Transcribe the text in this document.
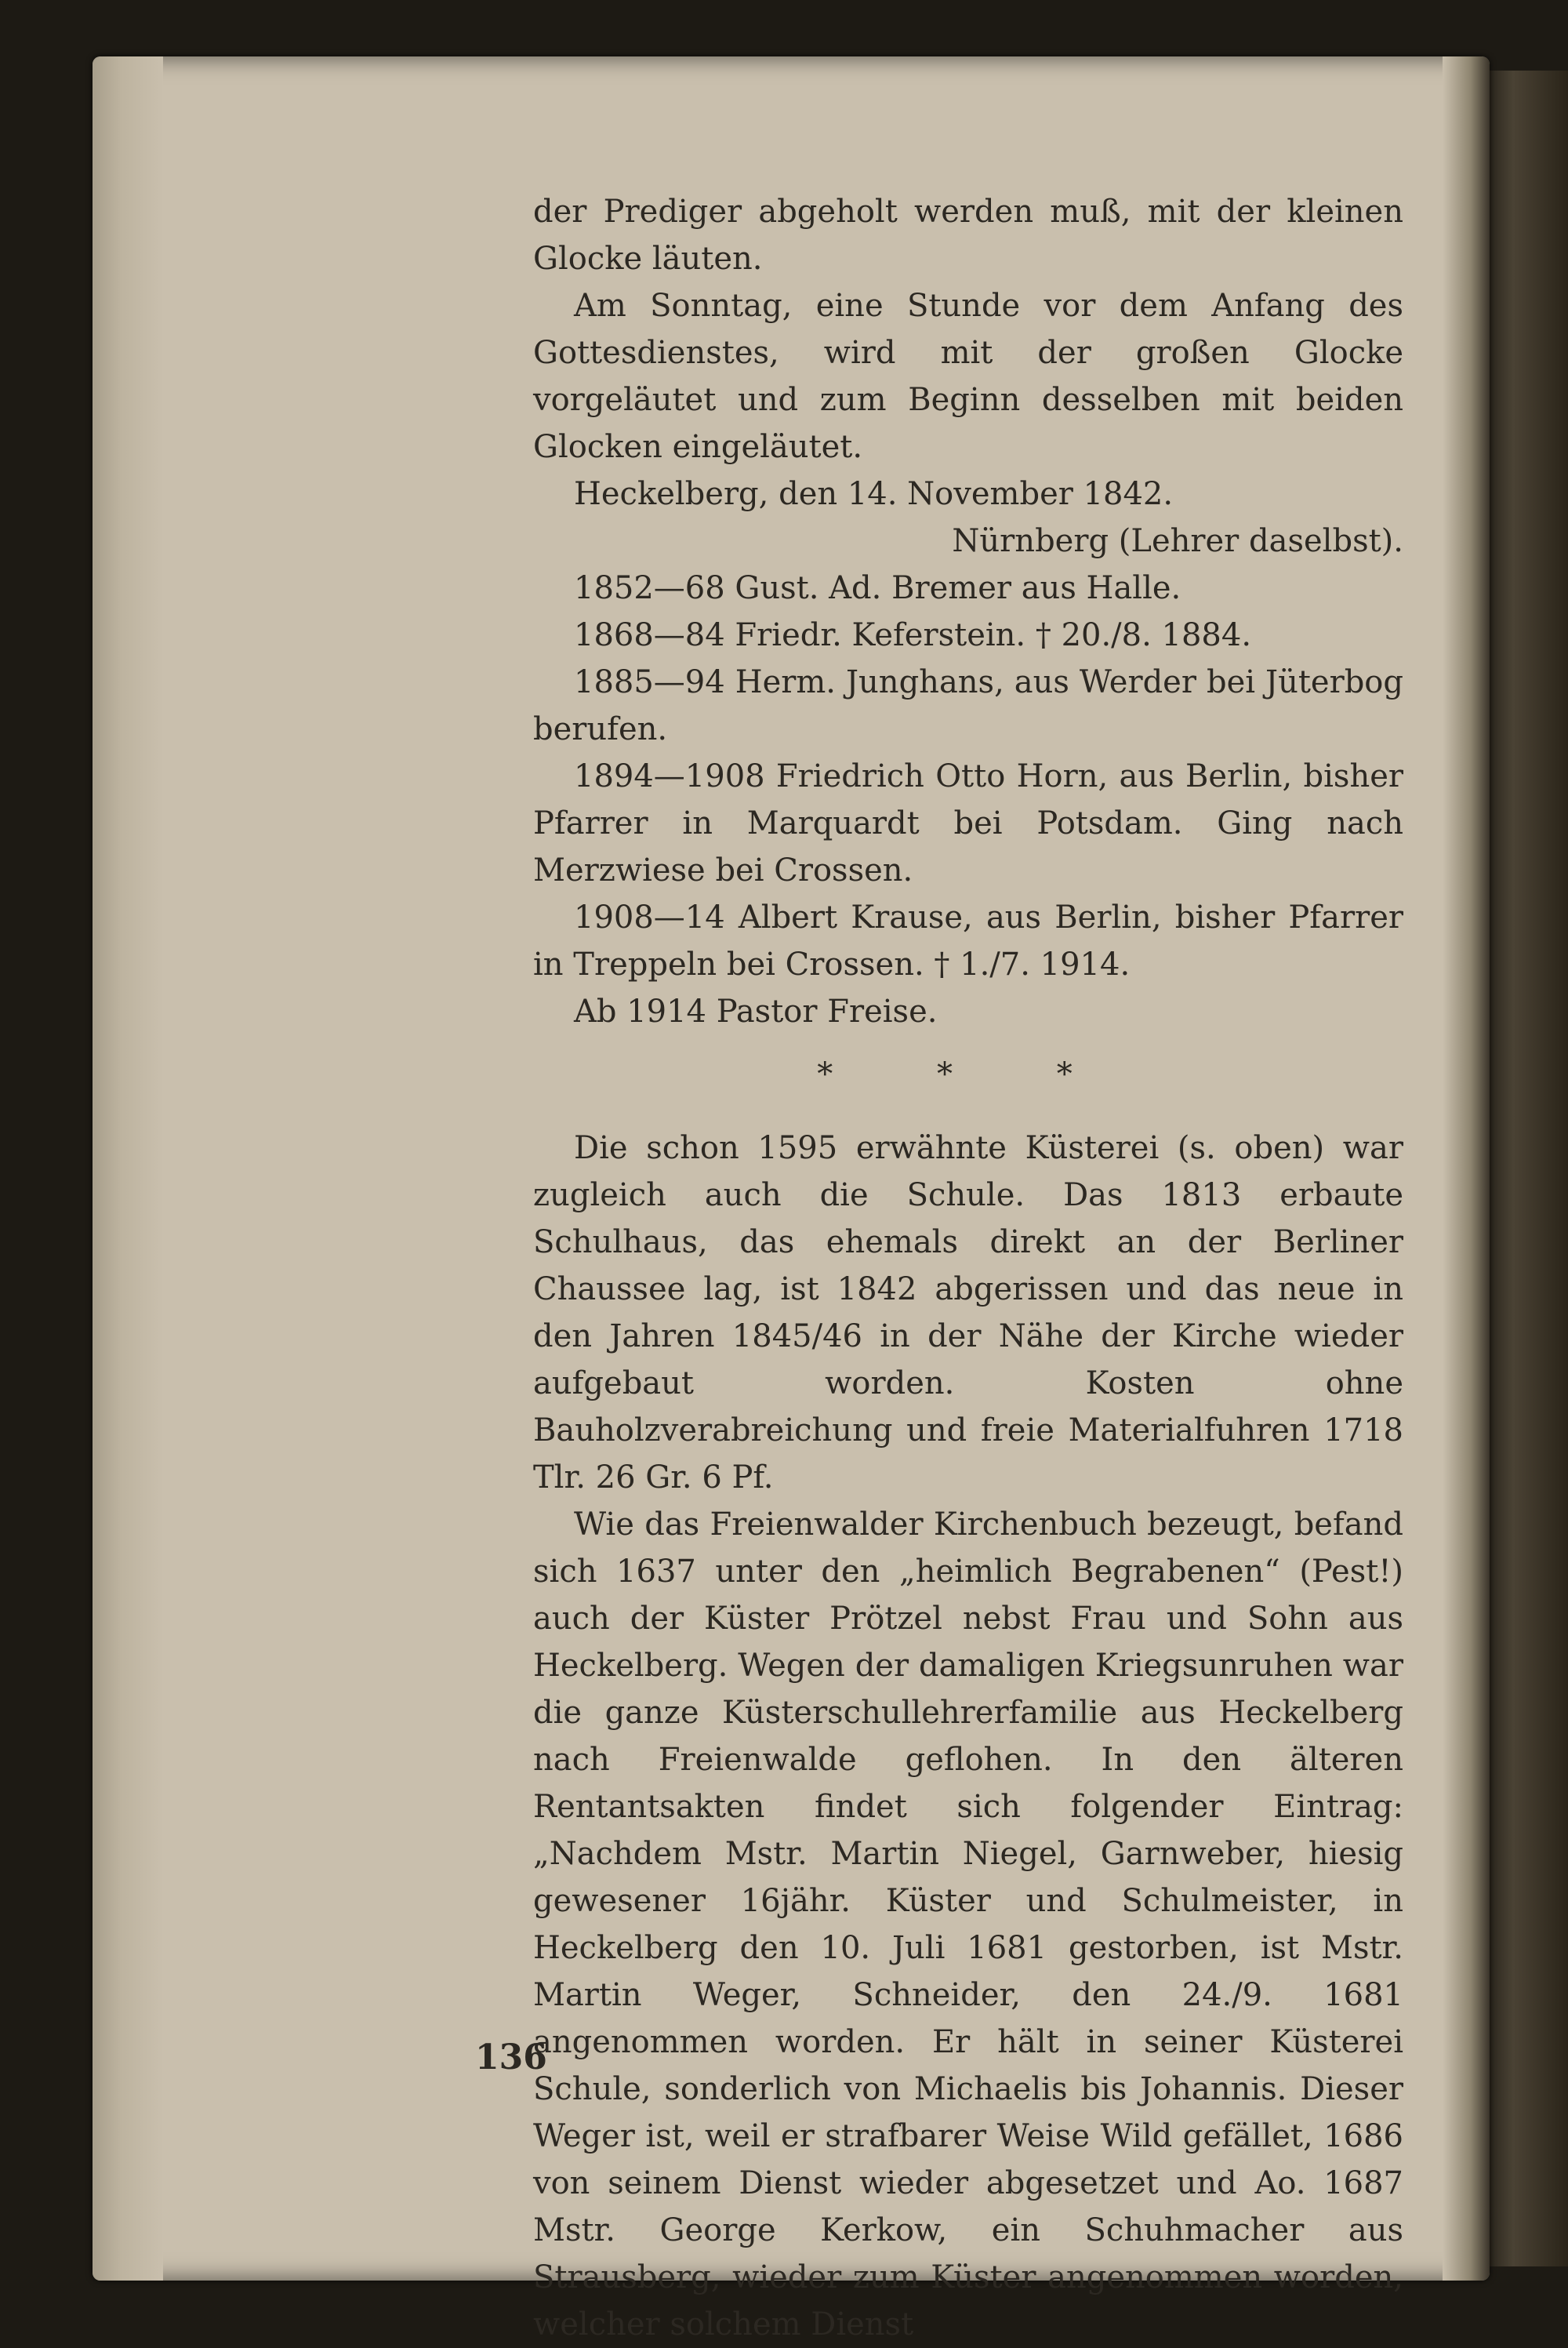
der Prediger abgeholt werden muß, mit der kleinen Glocke läuten.

Am Sonntag, eine Stunde vor dem Anfang des Gottesdienstes, wird mit der großen Glocke vorgeläutet und zum Beginn desselben mit beiden Glocken eingeläutet.

Heckelberg, den 14. November 1842.

Nürnberg (Lehrer daselbst).

1852—68 Gust. Ad. Bremer aus Halle.

1868—84 Friedr. Keferstein. † 20./8. 1884.

1885—94 Herm. Junghans, aus Werder bei Jüterbog berufen.

1894—1908 Friedrich Otto Horn, aus Berlin, bisher Pfarrer in Marquardt bei Potsdam. Ging nach Merzwiese bei Crossen.

1908—14 Albert Krause, aus Berlin, bisher Pfarrer in Treppeln bei Crossen. † 1./7. 1914.

Ab 1914 Pastor Freise.

* * *

Die schon 1595 erwähnte Küsterei (s. oben) war zugleich auch die Schule. Das 1813 erbaute Schulhaus, das ehemals direkt an der Berliner Chaussee lag, ist 1842 abgerissen und das neue in den Jahren 1845/46 in der Nähe der Kirche wieder aufgebaut worden. Kosten ohne Bauholzverabreichung und freie Materialfuhren 1718 Tlr. 26 Gr. 6 Pf.

Wie das Freienwalder Kirchenbuch bezeugt, befand sich 1637 unter den „heimlich Begrabenen“ (Pest!) auch der Küster Prötzel nebst Frau und Sohn aus Heckelberg. Wegen der damaligen Kriegsunruhen war die ganze Küsterschullehrerfamilie aus Heckelberg nach Freienwalde geflohen. In den älteren Rentantsakten findet sich folgender Eintrag: „Nachdem Mstr. Martin Niegel, Garnweber, hiesig gewesener 16jähr. Küster und Schulmeister, in Heckelberg den 10. Juli 1681 gestorben, ist Mstr. Martin Weger, Schneider, den 24./9. 1681 angenommen worden. Er hält in seiner Küsterei Schule, sonderlich von Michaelis bis Johannis. Dieser Weger ist, weil er strafbarer Weise Wild gefället, 1686 von seinem Dienst wieder abgesetzet und Ao. 1687 Mstr. George Kerkow, ein Schuhmacher aus Strausberg, wieder zum Küster angenommen worden, welcher solchem Dienst

136
